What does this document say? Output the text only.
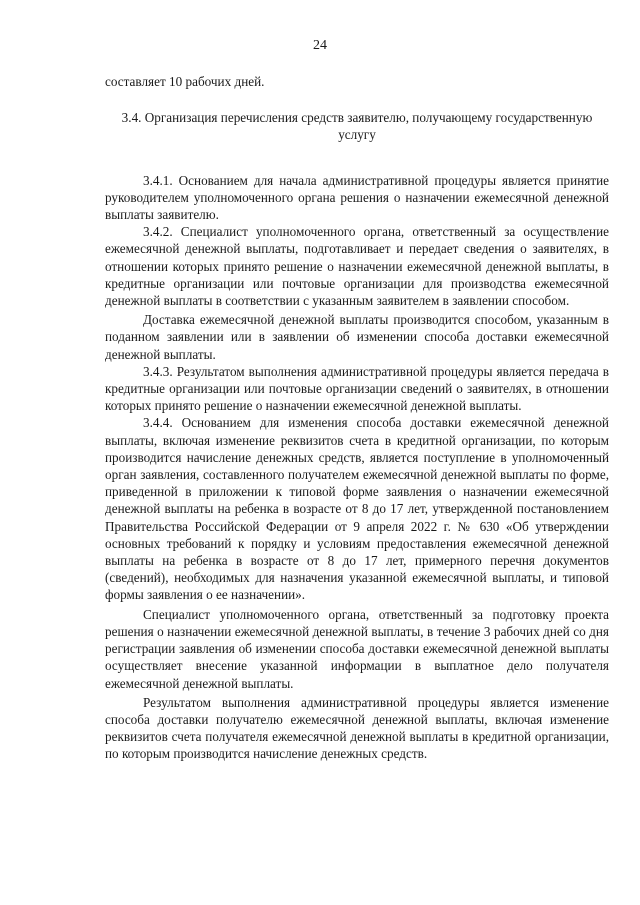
24

составляет 10 рабочих дней.

3.4. Организация перечисления средств заявителю, получающему государственную услугу

3.4.1. Основанием для начала административной процедуры является принятие руководителем уполномоченного органа решения о назначении ежемесячной денежной выплаты заявителю.

3.4.2. Специалист уполномоченного органа, ответственный за осуществление ежемесячной денежной выплаты, подготавливает и передает сведения о заявителях, в отношении которых принято решение о назначении ежемесячной денежной выплаты, в кредитные организации или почтовые организации для производства ежемесячной денежной выплаты в соответствии с указанным заявителем в заявлении способом.

Доставка ежемесячной денежной выплаты производится способом, указанным в поданном заявлении или в заявлении об изменении способа доставки ежемесячной денежной выплаты.

3.4.3. Результатом выполнения административной процедуры является передача в кредитные организации или почтовые организации сведений о заявителях, в отношении которых принято решение о назначении ежемесячной денежной выплаты.

3.4.4. Основанием для изменения способа доставки ежемесячной денежной выплаты, включая изменение реквизитов счета в кредитной организации, по которым производится начисление денежных средств, является поступление в уполномоченный орган заявления, составленного получателем ежемесячной денежной выплаты по форме, приведенной в приложении к типовой форме заявления о назначении ежемесячной денежной выплаты на ребенка в возрасте от 8 до 17 лет, утвержденной постановлением Правительства Российской Федерации от 9 апреля 2022 г. № 630 «Об утверждении основных требований к порядку и условиям предоставления ежемесячной денежной выплаты на ребенка в возрасте от 8 до 17 лет, примерного перечня документов (сведений), необходимых для назначения указанной ежемесячной выплаты, и типовой формы заявления о ее назначении».

Специалист уполномоченного органа, ответственный за подготовку проекта решения о назначении ежемесячной денежной выплаты, в течение 3 рабочих дней со дня регистрации заявления об изменении способа доставки ежемесячной денежной выплаты осуществляет внесение указанной информации в выплатное дело получателя ежемесячной денежной выплаты.

Результатом выполнения административной процедуры является изменение способа доставки получателю ежемесячной денежной выплаты, включая изменение реквизитов счета получателя ежемесячной денежной выплаты в кредитной организации, по которым производится начисление денежных средств.
